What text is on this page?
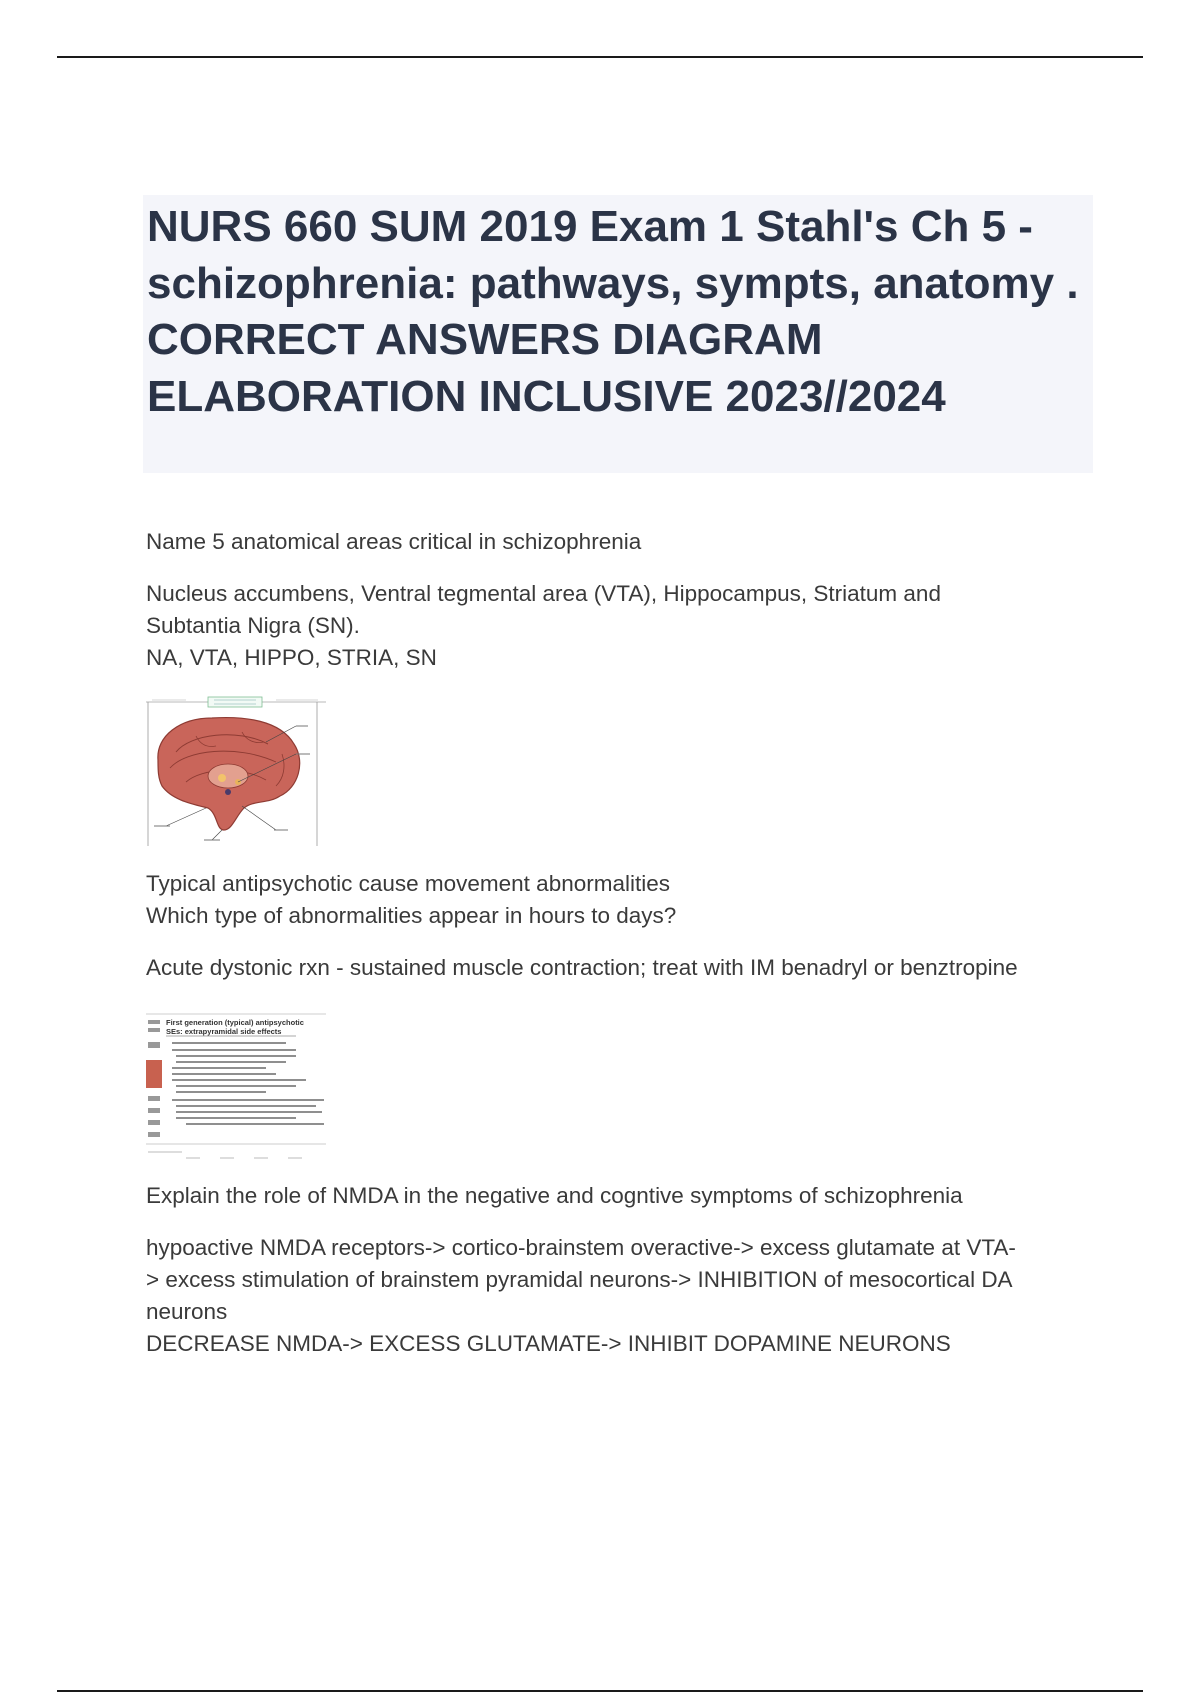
NURS 660 SUM 2019 Exam 1 Stahl's Ch 5 - schizophrenia: pathways, sympts, anatomy . CORRECT ANSWERS DIAGRAM ELABORATION INCLUSIVE 2023//2024

Name 5 anatomical areas critical in schizophrenia

Nucleus accumbens, Ventral tegmental area (VTA), Hippocampus, Striatum and
Subtantia Nigra (SN).
NA, VTA, HIPPO, STRIA, SN
Typical antipsychotic cause movement abnormalities
Which type of abnormalities appear in hours to days?

Acute dystonic rxn - sustained muscle contraction; treat with IM benadryl or benztropine

First generation (typical) antipsychotic
SEs: extrapyramidal side effects

Explain the role of NMDA in the negative and cogntive symptoms of schizophrenia

hypoactive NMDA receptors-> cortico-brainstem overactive-> excess glutamate at VTA-
> excess stimulation of brainstem pyramidal neurons-> INHIBITION of mesocortical DA
neurons
DECREASE NMDA-> EXCESS GLUTAMATE-> INHIBIT DOPAMINE NEURONS
